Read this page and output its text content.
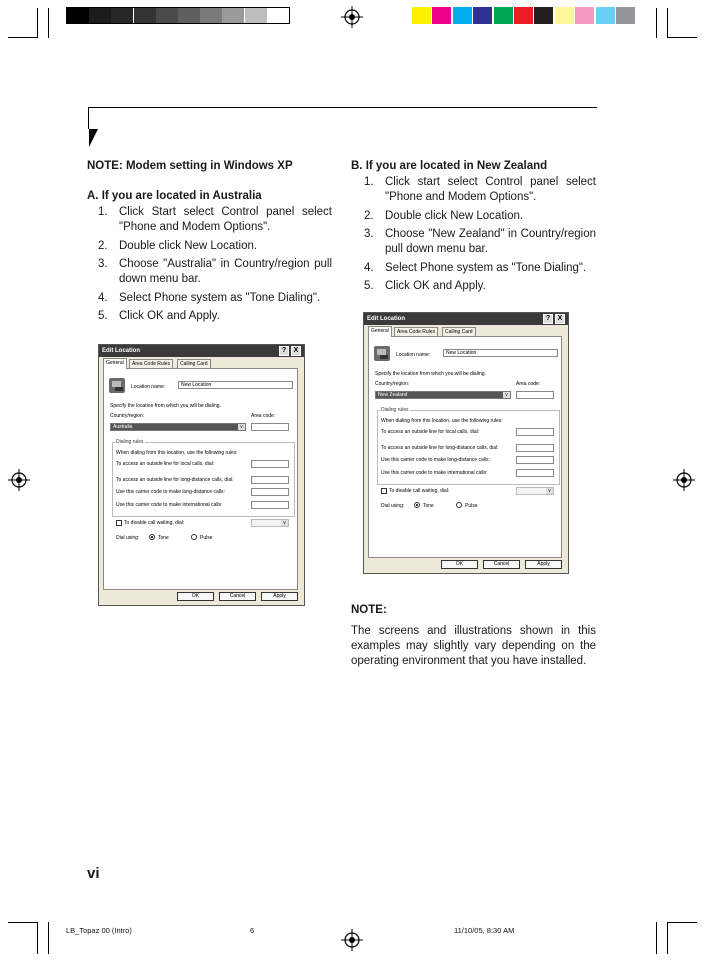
NOTE: Modem setting in Windows XP
A. If you are located in Australia
1. Click Start select Control panel select "Phone and Modem Options".
2. Double click New Location.
3. Choose "Australia" in Country/region pull down menu bar.
4. Select Phone system as "Tone Dialing".
5. Click OK and Apply.
B. If you are located in New Zealand
1. Click start select Control panel select "Phone and Modem Options".
2. Double click New Location.
3. Choose "New Zealand" in Country/region pull down menu bar.
4. Select Phone system as "Tone Dialing".
5. Click OK and Apply.
NOTE:
The screens and illustrations shown in this examples may slightly vary depending on the operating environment that you have installed.
Edit Location	?	X
General	Area Code Rules	Calling Card
Location name:	New Location
Specify the location from which you will be dialing.
Country/region:	Area code:
Australia	∨
Dialing rules
When dialing from this location, use the following rules:
To access an outside line for local calls, dial:
To access an outside line for long-distance calls, dial:
Use this carrier code to make long-distance calls:
Use this carrier code to make international calls:
To disable call waiting, dial:	∨
Dial using:	Tone	Pulse
OK	Cancel	Apply
Edit Location	?	X
General	Area Code Rules	Calling Card
Location name:	New Location
Specify the location from which you will be dialing.
Country/region:	Area code:
New Zealand	∨
Dialing rules
When dialing from this location, use the following rules:
To access an outside line for local calls, dial:
To access an outside line for long-distance calls, dial:
Use this carrier code to make long-distance calls:
Use this carrier code to make international calls:
To disable call waiting, dial:	∨
Dial using:	Tone	Pulse
OK	Cancel	Apply
vi
LB_Topaz 00 (Intro)	6	11/10/05, 8:30 AM
